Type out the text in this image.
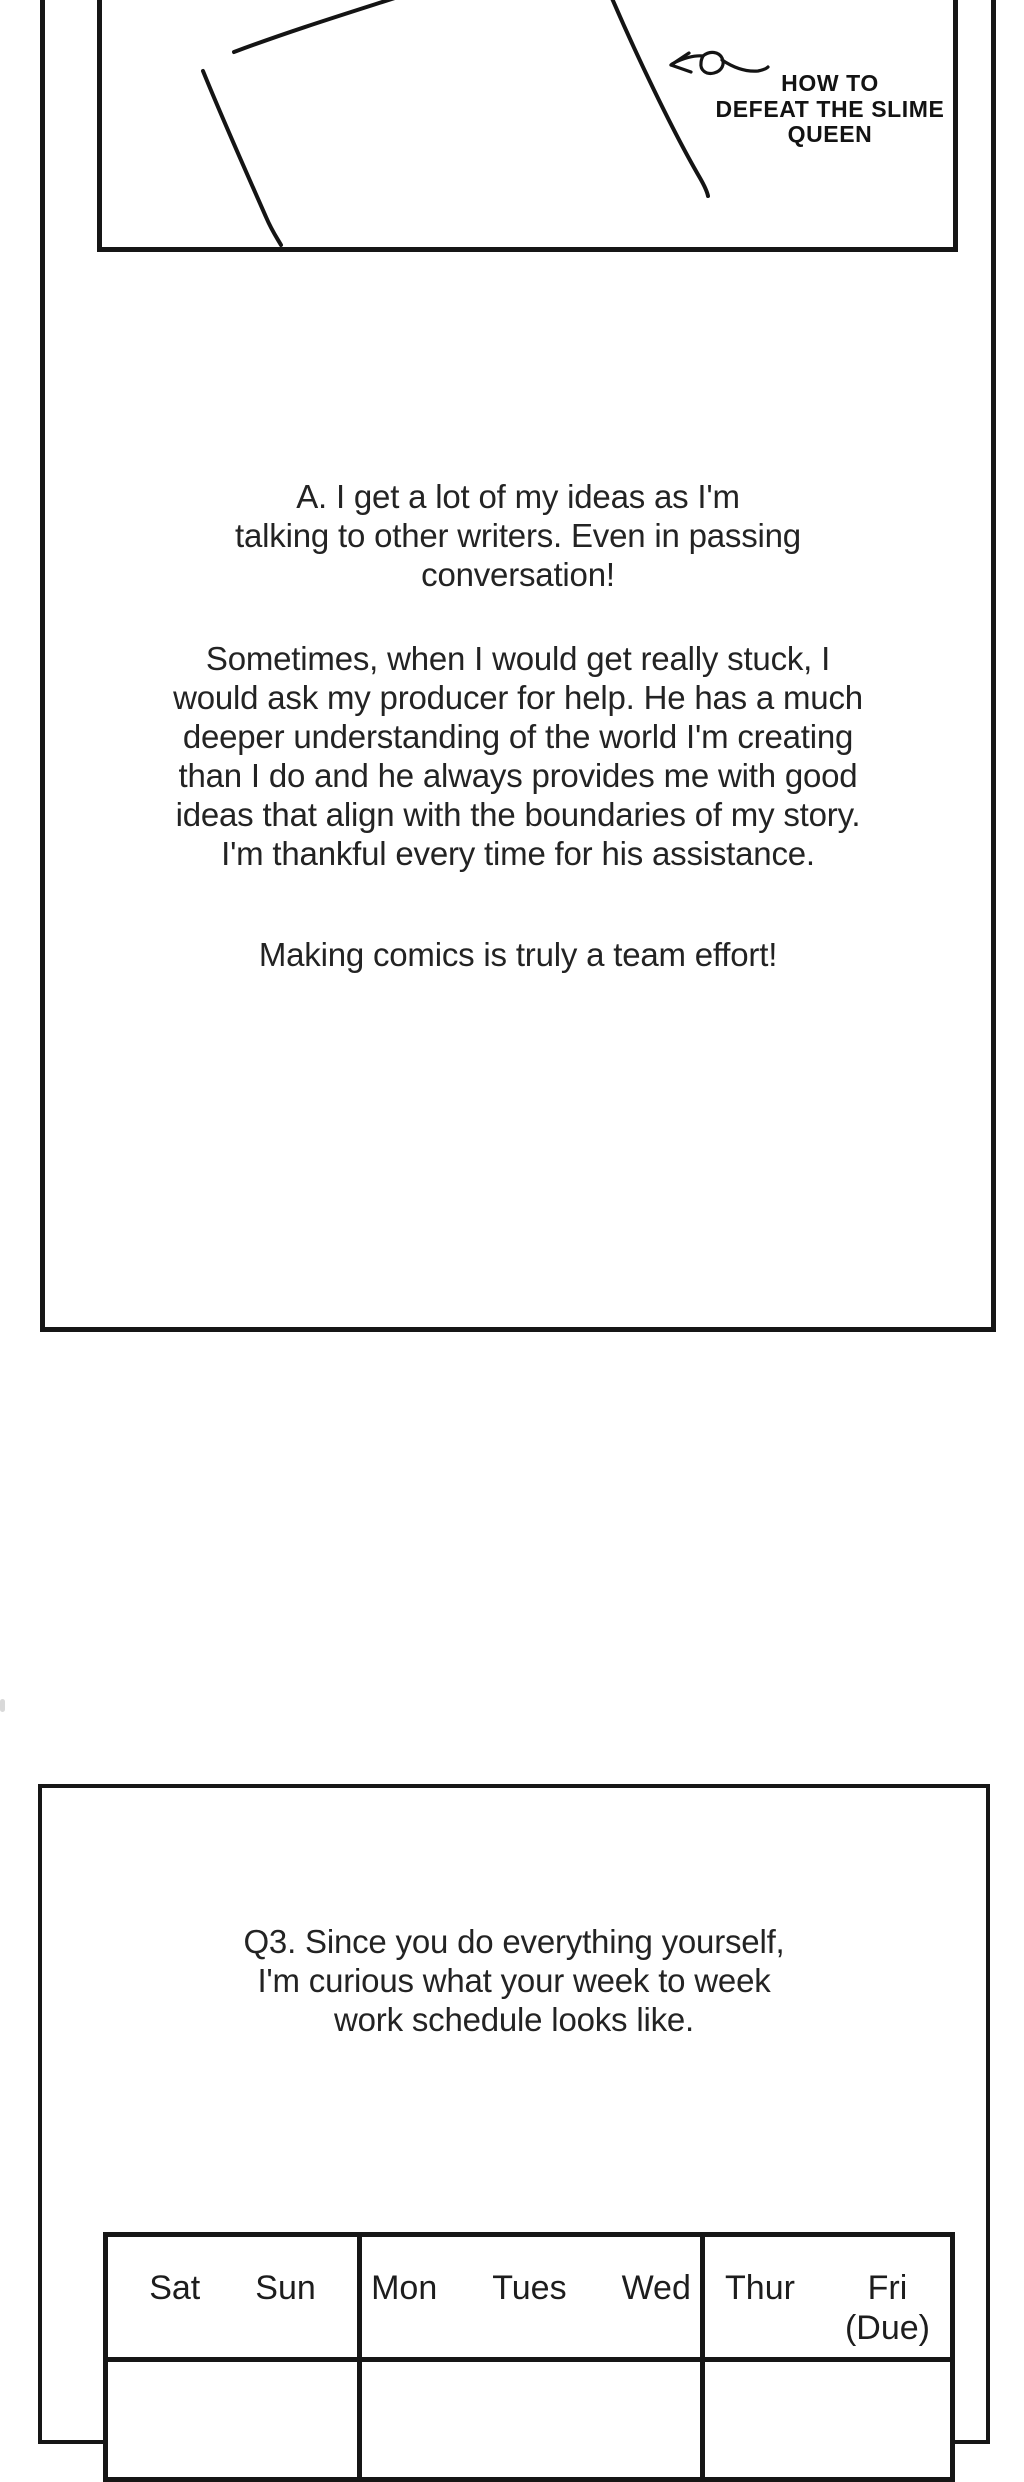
HOW TO
DEFEAT THE SLIME
QUEEN
A. I get a lot of my ideas as I'm
talking to other writers. Even in passing
conversation!
Sometimes, when I would get really stuck, I
would ask my producer for help. He has a much
deeper understanding of the world I'm creating
than I do and he always provides me with good
ideas that align with the boundaries of my story.
I'm thankful every time for his assistance.
Making comics is truly a team effort!
Q3. Since you do everything yourself,
I'm curious what your week to week
work schedule looks like.
Sat Sun Mon Tues Wed Thur Fri
(Due)
